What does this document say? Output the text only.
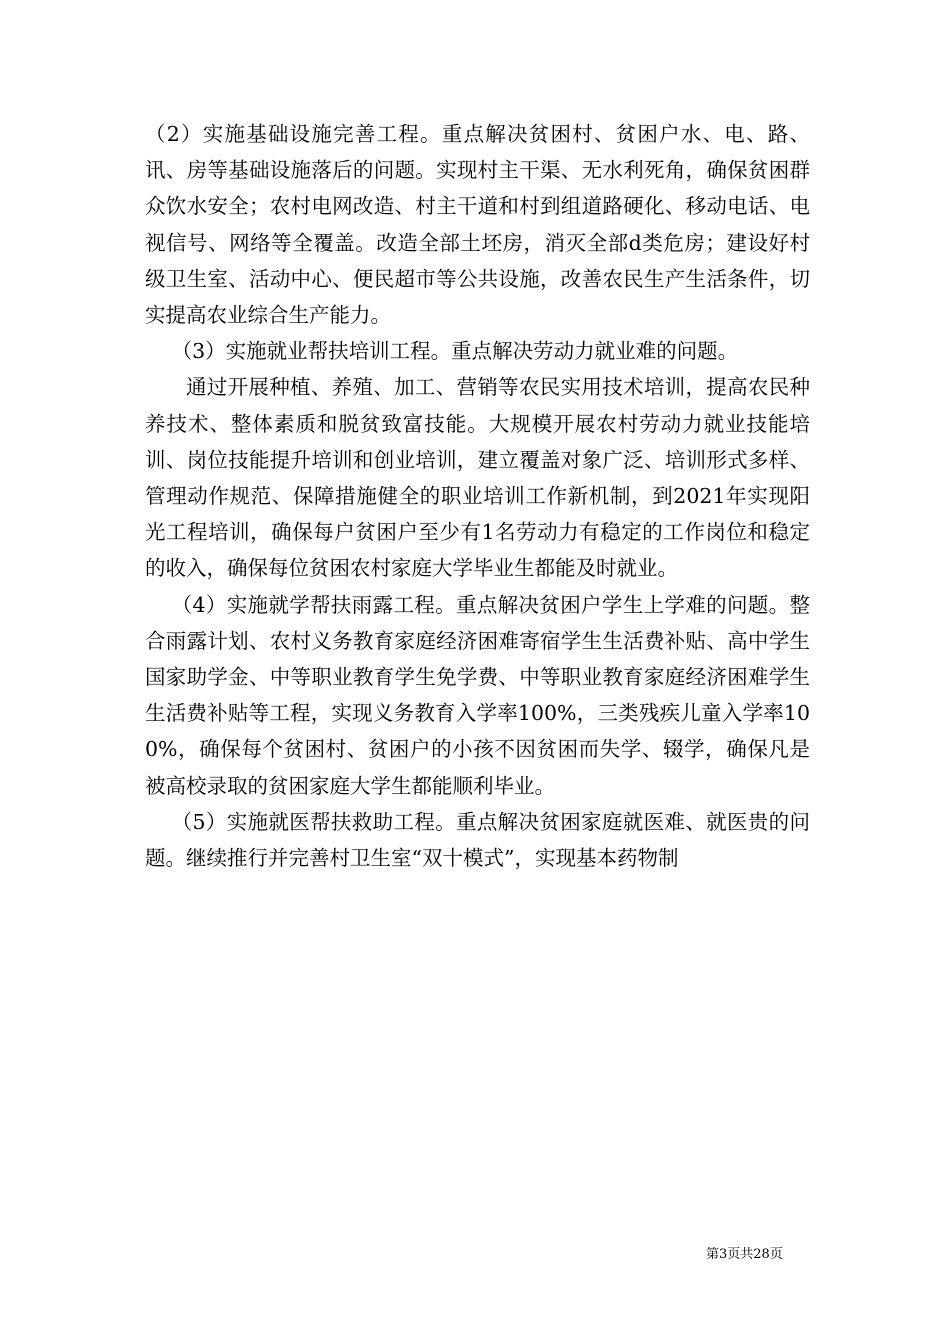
（2）实施基础设施完善工程。重点解决贫困村、贫困户水、电、路、讯、房等基础设施落后的问题。实现村主干渠、无水利死角，确保贫困群众饮水安全；农村电网改造、村主干道和村到组道路硬化、移动电话、电视信号、网络等全覆盖。改造全部土坯房，消灭全部d类危房；建设好村级卫生室、活动中心、便民超市等公共设施，改善农民生产生活条件，切实提高农业综合生产能力。

（3）实施就业帮扶培训工程。重点解决劳动力就业难的问题。

通过开展种植、养殖、加工、营销等农民实用技术培训，提高农民种养技术、整体素质和脱贫致富技能。大规模开展农村劳动力就业技能培训、岗位技能提升培训和创业培训，建立覆盖对象广泛、培训形式多样、管理动作规范、保障措施健全的职业培训工作新机制，到2021年实现阳光工程培训，确保每户贫困户至少有1名劳动力有稳定的工作岗位和稳定的收入，确保每位贫困农村家庭大学毕业生都能及时就业。

（4）实施就学帮扶雨露工程。重点解决贫困户学生上学难的问题。整合雨露计划、农村义务教育家庭经济困难寄宿学生生活费补贴、高中学生国家助学金、中等职业教育学生免学费、中等职业教育家庭经济困难学生生活费补贴等工程，实现义务教育入学率100%，三类残疾儿童入学率100%，确保每个贫困村、贫困户的小孩不因贫困而失学、辍学，确保凡是被高校录取的贫困家庭大学生都能顺利毕业。

（5）实施就医帮扶救助工程。重点解决贫困家庭就医难、就医贵的问题。继续推行并完善村卫生室“双十模式”，实现基本药物制

第3页共28页
